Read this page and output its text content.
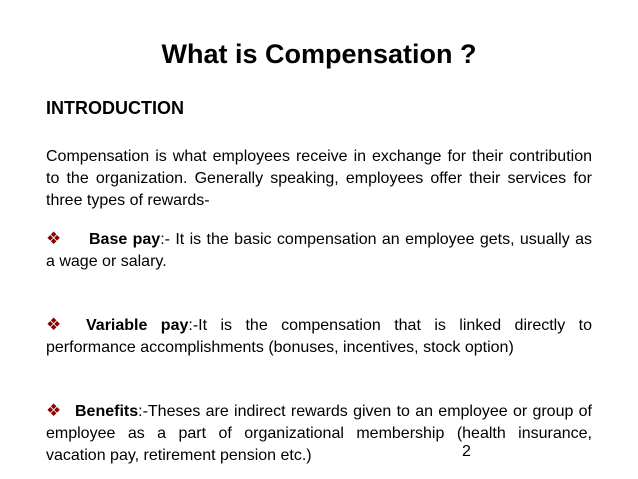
What is Compensation ?
INTRODUCTION
Compensation is what employees receive in exchange for their contribution to the organization. Generally speaking, employees offer their services for three types of rewards-
❖ Base pay:- It is the basic compensation an employee gets, usually as a wage or salary.
❖ Variable pay:-It is the compensation that is linked directly to performance accomplishments (bonuses, incentives, stock option)
❖ Benefits:-Theses are indirect rewards given to an employee or group of employee as a part of organizational membership (health insurance, vacation pay, retirement pension etc.)	2
